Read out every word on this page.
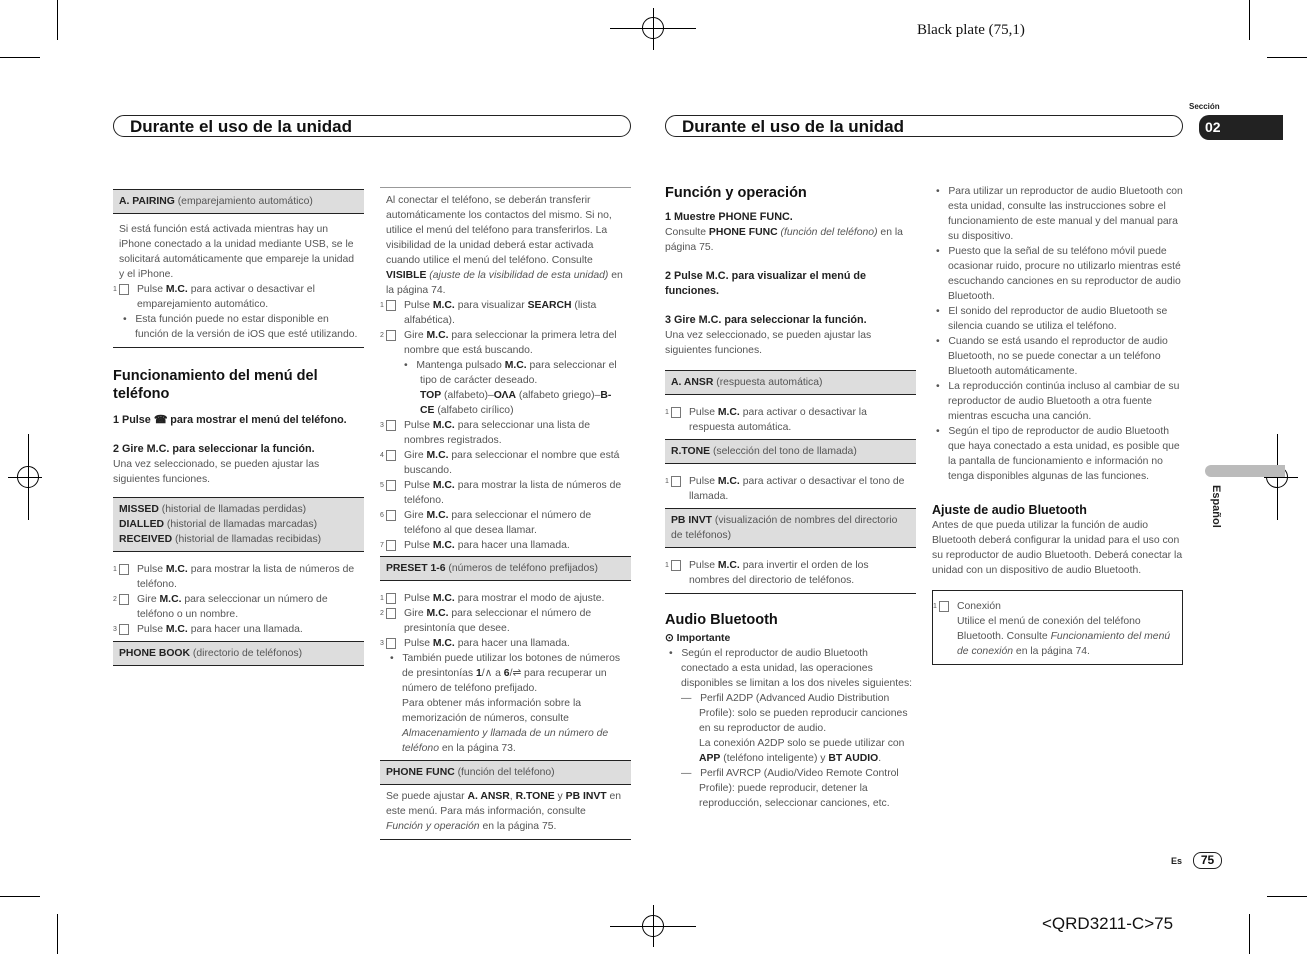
Black plate (75,1)
<QRD3211-C>75
Durante el uso de la unidad	Durante el uso de la unidad
Sección
02
Español
Es	75
A. PAIRING (emparejamiento automático)

Si está función está activada mientras hay un iPhone conectado a la unidad mediante USB, se le solicitará automáticamente que empareje la unidad y el iPhone.

1 Pulse M.C. para activar o desactivar el emparejamiento automático.

•   Esta función puede no estar disponible en función de la versión de iOS que esté utilizando.

Funcionamiento del menú del teléfono

1 Pulse ☎ para mostrar el menú del teléfono.

2 Gire M.C. para seleccionar la función.

Una vez seleccionado, se pueden ajustar las siguientes funciones.

MISSED (historial de llamadas perdidas)

DIALLED (historial de llamadas marcadas)

RECEIVED (historial de llamadas recibidas)

1 Pulse M.C. para mostrar la lista de números de teléfono.

2 Gire M.C. para seleccionar un número de teléfono o un nombre.

3 Pulse M.C. para hacer una llamada.

PHONE BOOK (directorio de teléfonos)

Al conectar el teléfono, se deberán transferir automáticamente los contactos del mismo. Si no, utilice el menú del teléfono para transferirlos. La visibilidad de la unidad deberá estar activada cuando utilice el menú del teléfono. Consulte VISIBLE (ajuste de la visibilidad de esta unidad) en la página 74.

1 Pulse M.C. para visualizar SEARCH (lista alfabética).

2 Gire M.C. para seleccionar la primera letra del nombre que está buscando.

•   Mantenga pulsado M.C. para seleccionar el tipo de carácter deseado.

TOP (alfabeto)–ΟΛΑ (alfabeto griego)–B-CE (alfabeto cirílico)

3 Pulse M.C. para seleccionar una lista de nombres registrados.

4 Gire M.C. para seleccionar el nombre que está buscando.

5 Pulse M.C. para mostrar la lista de números de teléfono.

6 Gire M.C. para seleccionar el número de teléfono al que desea llamar.

7 Pulse M.C. para hacer una llamada.

PRESET 1-6 (números de teléfono prefijados)

1 Pulse M.C. para mostrar el modo de ajuste.

2 Gire M.C. para seleccionar el número de presintonía que desee.

3 Pulse M.C. para hacer una llamada.

•   También puede utilizar los botones de números de presintonías 1/∧ a 6/⇌ para recuperar un número de teléfono prefijado.

Para obtener más información sobre la memorización de números, consulte Almacenamiento y llamada de un número de teléfono en la página 73.

PHONE FUNC (función del teléfono)

Se puede ajustar A. ANSR, R.TONE y PB INVT en este menú. Para más información, consulte Función y operación en la página 75.

Función y operación

1 Muestre PHONE FUNC.

Consulte PHONE FUNC (función del teléfono) en la página 75.

2 Pulse M.C. para visualizar el menú de funciones.

3 Gire M.C. para seleccionar la función.

Una vez seleccionado, se pueden ajustar las siguientes funciones.

A. ANSR (respuesta automática)

1 Pulse M.C. para activar o desactivar la respuesta automática.

R.TONE (selección del tono de llamada)

1 Pulse M.C. para activar o desactivar el tono de llamada.

PB INVT (visualización de nombres del directorio de teléfonos)

1 Pulse M.C. para invertir el orden de los nombres del directorio de teléfonos.

Audio Bluetooth

⊙ Importante

•   Según el reproductor de audio Bluetooth conectado a esta unidad, las operaciones disponibles se limitan a los dos niveles siguientes:

—   Perfil A2DP (Advanced Audio Distribution Profile): solo se pueden reproducir canciones en su reproductor de audio.

La conexión A2DP solo se puede utilizar con APP (teléfono inteligente) y BT AUDIO.

—   Perfil AVRCP (Audio/Video Remote Control Profile): puede reproducir, detener la reproducción, seleccionar canciones, etc.

•   Para utilizar un reproductor de audio Bluetooth con esta unidad, consulte las instrucciones sobre el funcionamiento de este manual y del manual para su dispositivo.

•   Puesto que la señal de su teléfono móvil puede ocasionar ruido, procure no utilizarlo mientras esté escuchando canciones en su reproductor de audio Bluetooth.

•   El sonido del reproductor de audio Bluetooth se silencia cuando se utiliza el teléfono.

•   Cuando se está usando el reproductor de audio Bluetooth, no se puede conectar a un teléfono Bluetooth automáticamente.

•   La reproducción continúa incluso al cambiar de su reproductor de audio Bluetooth a otra fuente mientras escucha una canción.

•   Según el tipo de reproductor de audio Bluetooth que haya conectado a esta unidad, es posible que la pantalla de funcionamiento e información no tenga disponibles algunas de las funciones.

Ajuste de audio Bluetooth

Antes de que pueda utilizar la función de audio Bluetooth deberá configurar la unidad para el uso con su reproductor de audio Bluetooth. Deberá conectar la unidad con un dispositivo de audio Bluetooth.

1 Conexión

Utilice el menú de conexión del teléfono Bluetooth. Consulte Funcionamiento del menú de conexión en la página 74.
